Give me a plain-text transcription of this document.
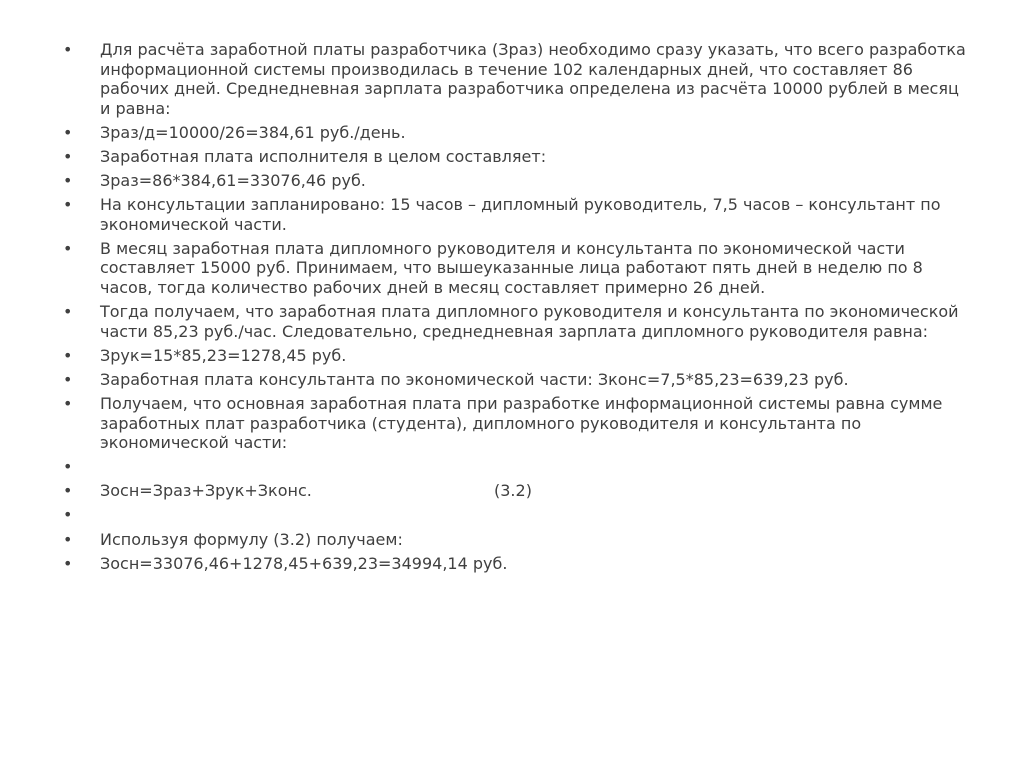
• Для расчёта заработной платы разработчика (Зраз) необходимо сразу указать, что всего разработка информационной системы производилась в течение 102 календарных дней, что составляет 86 рабочих дней. Среднедневная зарплата разработчика определена из расчёта 10000 рублей в месяц и равна:
• Зраз/д=10000/26=384,61 руб./день.
• Заработная плата исполнителя в целом составляет:
• Зраз=86*384,61=33076,46 руб.
• На консультации запланировано: 15 часов – дипломный руководитель, 7,5 часов – консультант по экономической части.
• В месяц заработная плата дипломного руководителя и консультанта по экономической части составляет 15000 руб. Принимаем, что вышеуказанные лица работают пять дней в неделю по 8 часов, тогда количество рабочих дней в месяц составляет примерно 26 дней.
• Тогда получаем, что заработная плата дипломного руководителя и консультанта по экономической части 85,23 руб./час. Следовательно, среднедневная зарплата дипломного руководителя равна:
• Зрук=15*85,23=1278,45 руб.
• Заработная плата консультанта по экономической части: Зконс=7,5*85,23=639,23 руб.
• Получаем, что основная заработная плата при разработке информационной системы равна сумме заработных плат разработчика (студента), дипломного руководителя и консультанта по экономической части:
•

• Зосн=Зраз+Зрук+Зконс.	(3.2)
•

• Используя формулу (3.2) получаем:
• Зосн=33076,46+1278,45+639,23=34994,14 руб.
